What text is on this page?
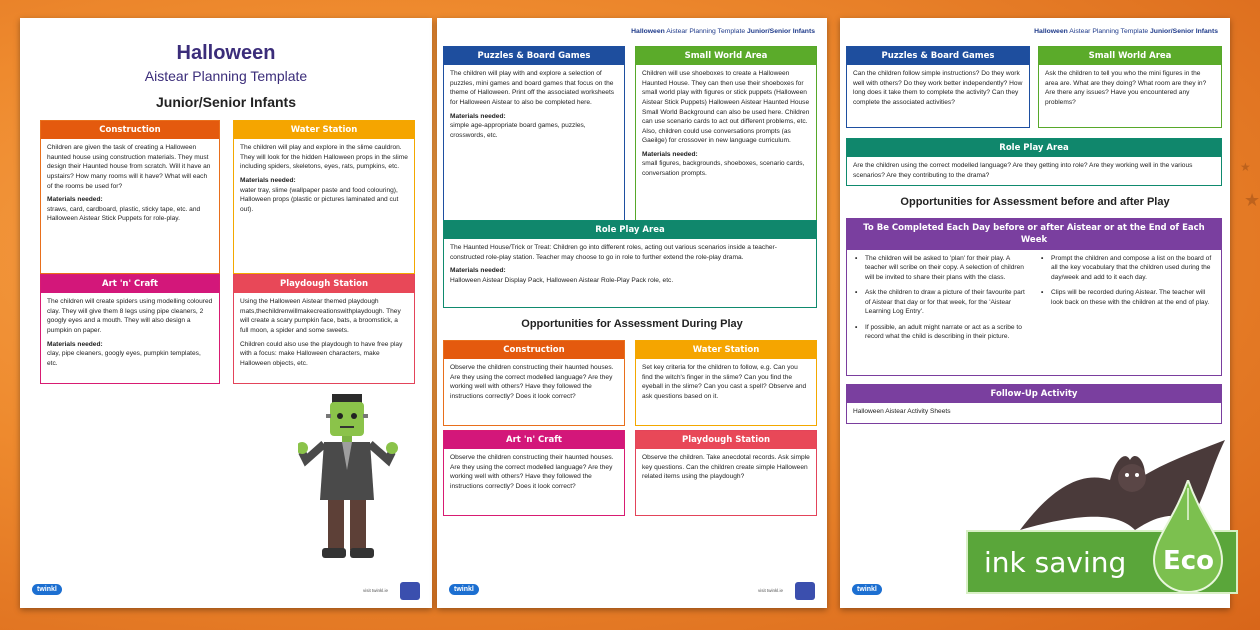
★
★
Halloween
Aistear Planning Template
Junior/Senior Infants
Construction

Children are given the task of creating a Halloween haunted house using construction materials. They must design their Haunted house from scratch. Will it have an upstairs? How many rooms will it have? What will each of the rooms be used for?

Materials needed:

straws, card, cardboard, plastic, sticky tape, etc. and Halloween Aistear Stick Puppets for role-play.

Water Station

The children will play and explore in the slime cauldron. They will look for the hidden Halloween props in the slime including spiders, skeletons, eyes, rats, pumpkins, etc.

Materials needed:

water tray, slime (wallpaper paste and food colouring), Halloween props (plastic or pictures laminated and cut out).

Art 'n' Craft

The children will create spiders using modelling coloured clay. They will give them 8 legs using pipe cleaners, 2 googly eyes and a mouth. They will also design a pumpkin on paper.

Materials needed:

clay, pipe cleaners, googly eyes, pumpkin templates, etc.

Playdough Station

Using the Halloween Aistear themed playdough mats,thechildrenwillmakecreationswithplaydough. They will create a scary pumpkin face, bats, a broomstick, a full moon, a spider and some sweets.

Children could also use the playdough to have free play with a focus: make Halloween characters, make Halloween objects, etc.

twinkl	visit twinkl.ie
Halloween Aistear Planning Template Junior/Senior Infants
Puzzles & Board Games

The children will play with and explore a selection of puzzles, mini games and board games that focus on the theme of Halloween. Print off the associated worksheets for Halloween Aistear to also be completed here.

Materials needed:

simple age-appropriate board games, puzzles, crosswords, etc.

Small World Area

Children will use shoeboxes to create a Halloween Haunted House. They can then use their shoeboxes for small world play with figures or stick puppets (Halloween Aistear Stick Puppets) Halloween Aistear Haunted House Small World Background can also be used here. Children can use scenario cards to act out different problems, etc. Also, children could use conversations prompts (as Gaeilge) for crossover in new language curriculum.

Materials needed:

small figures, backgrounds, shoeboxes, scenario cards, conversation prompts.

Role Play Area

The Haunted House/Trick or Treat: Children go into different roles, acting out various scenarios inside a teacher-constructed role-play station. Teacher may choose to go in role to further extend the role-play drama.

Materials needed:

Halloween Aistear Display Pack, Halloween Aistear Role-Play Pack role, etc.

Opportunities for Assessment During Play
Construction

Observe the children constructing their haunted houses. Are they using the correct modelled language? Are they working well with others? Have they followed the instructions correctly? Does it look correct?

Water Station

Set key criteria for the children to follow, e.g. Can you find the witch's finger in the slime? Can you find the eyeball in the slime? Can you cast a spell? Observe and ask questions based on it.

Art 'n' Craft

Observe the children constructing their haunted houses. Are they using the correct modelled language? Are they working well with others? Have they followed the instructions correctly? Does it look correct?

Playdough Station

Observe the children. Take anecdotal records. Ask simple key questions. Can the children create simple Halloween related items using the playdough?

twinkl	visit twinkl.ie
Halloween Aistear Planning Template Junior/Senior Infants
Puzzles & Board Games

Can the children follow simple instructions? Do they work well with others? Do they work better independently? How long does it take them to complete the activity? Can they complete the associated activities?

Small World Area

Ask the children to tell you who the mini figures in the area are. What are they doing? What room are they in? Are there any issues? Have you encountered any problems?

Role Play Area

Are the children using the correct modelled language? Are they getting into role? Are they working well in the various scenarios? Are they contributing to the drama?

Opportunities for Assessment before and after Play
To Be Completed Each Day before or after Aistear or at the End of Each Week
• The children will be asked to 'plan' for their play. A teacher will scribe on their copy. A selection of children will be invited to share their plans with the class.
• Ask the children to draw a picture of their favourite part of Aistear that day or for that week, for the 'Aistear Learning Log Entry'.
• If possible, an adult might narrate or act as a scribe to record what the child is describing in their picture.
• Prompt the children and compose a list on the board of all the key vocabulary that the children used during the day/week and add to it each day.
• Clips will be recorded during Aistear. The teacher will look back on these with the children at the end of play.
Follow-Up Activity

Halloween Aistear Activity Sheets

twinkl
ink saving Eco
